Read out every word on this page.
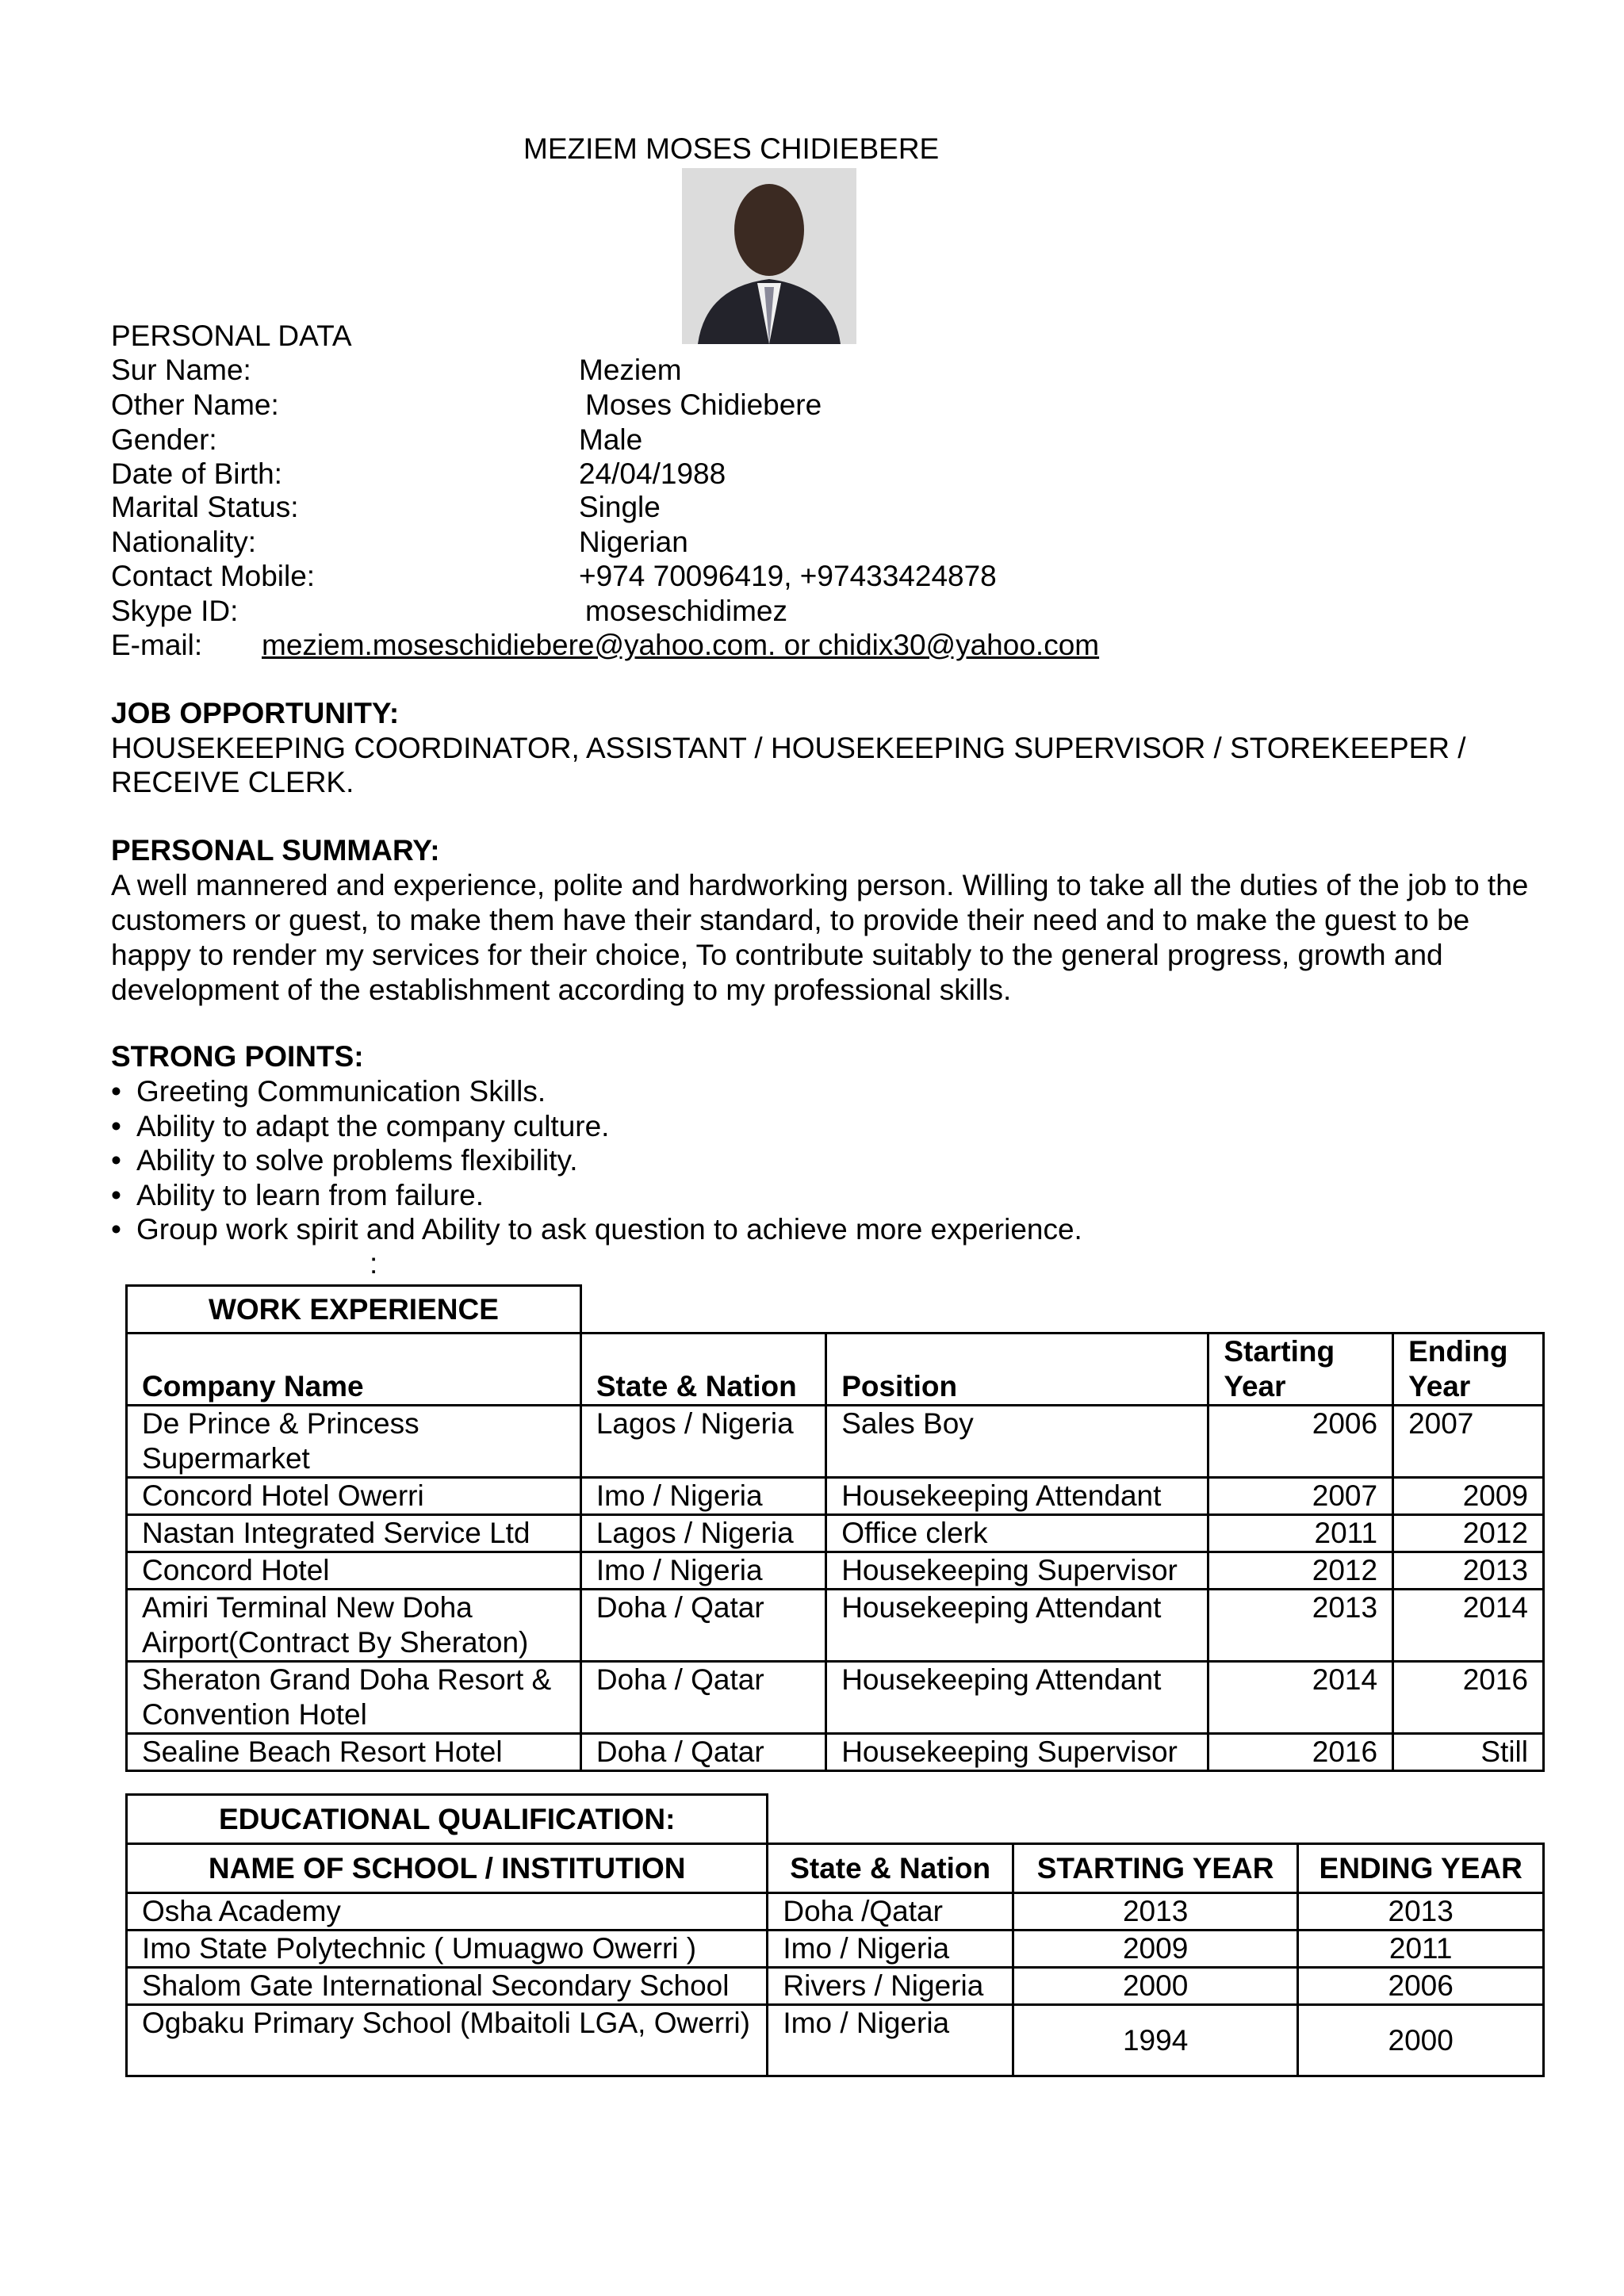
MEZIEM MOSES CHIDIEBERE
PERSONAL DATA
Sur Name:	Meziem
Other Name:	Moses Chidiebere
Gender:	Male
Date of Birth:	24/04/1988
Marital Status:	Single
Nationality:	Nigerian
Contact Mobile:	+974 70096419, +97433424878
Skype ID:	moseschidimez
E-mail: meziem.moseschidiebere@yahoo.com. or chidix30@yahoo.com
JOB OPPORTUNITY:
HOUSEKEEPING COORDINATOR, ASSISTANT / HOUSEKEEPING SUPERVISOR / STOREKEEPER /
RECEIVE CLERK.
PERSONAL SUMMARY:
A well mannered and experience, polite and hardworking person. Willing to take all the duties of the job to the customers or guest, to make them have their standard, to provide their need and to make the guest to be happy to render my services for their choice, To contribute suitably to the general progress, growth and development of the establishment according to my professional skills.
STRONG POINTS:
• Greeting Communication Skills.
• Ability to adapt the company culture.
• Ability to solve problems flexibility.
• Ability to learn from failure.
• Group work spirit and Ability to ask question to achieve more experience.
:
WORK EXPERIENCE				
Company Name	State & Nation	Position	Starting Year	Ending Year
De Prince & Princess Supermarket	Lagos / Nigeria	Sales Boy	2006	2007
Concord Hotel Owerri	Imo / Nigeria	Housekeeping Attendant	2007	2009
Nastan Integrated Service Ltd	Lagos / Nigeria	Office clerk	2011	2012
Concord Hotel	Imo / Nigeria	Housekeeping Supervisor	2012	2013
Amiri Terminal New Doha Airport(Contract By Sheraton)	Doha / Qatar	Housekeeping Attendant	2013	2014
Sheraton Grand Doha Resort & Convention Hotel	Doha / Qatar	Housekeeping Attendant	2014	2016
Sealine Beach Resort Hotel	Doha / Qatar	Housekeeping Supervisor	2016	Still
EDUCATIONAL QUALIFICATION:			
NAME OF SCHOOL / INSTITUTION	State & Nation	STARTING YEAR	ENDING YEAR
Osha Academy	Doha /Qatar	2013	2013
Imo State Polytechnic ( Umuagwo Owerri )	Imo / Nigeria	2009	2011
Shalom Gate International Secondary School	Rivers / Nigeria	2000	2006
Ogbaku Primary School (Mbaitoli LGA, Owerri)	Imo / Nigeria	1994	2000
